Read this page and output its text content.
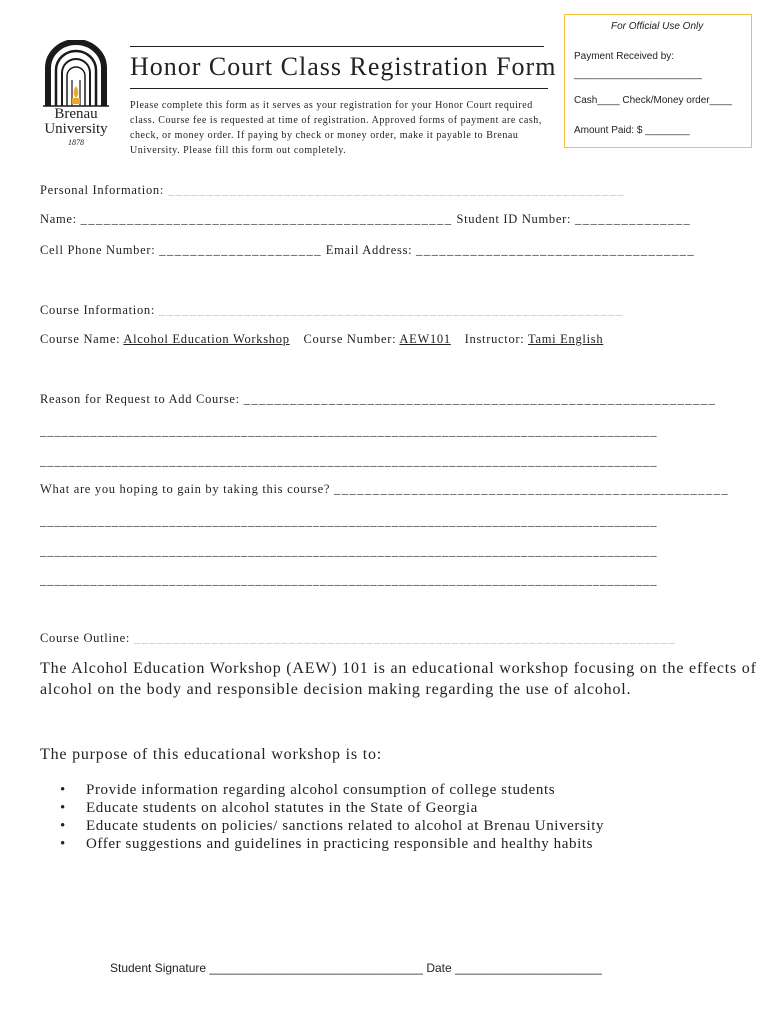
For Official Use Only
Payment Received by:
_______________________
Cash____ Check/Money order____
Amount Paid: $ ________
Brenau
University
1878
Honor Court Class Registration Form
Please complete this form as it serves as your registration for your Honor Court required class. Course fee is requested at time of registration. Approved forms of payment are cash, check, or money order. If paying by check or money order, make it payable to Brenau University. Please fill this form out completely.
Personal Information: ___________________________________________________________
Name: ________________________________________________ Student ID Number: _______________
Cell Phone Number: _____________________ Email Address: ____________________________________
Course Information: ____________________________________________________________
Course Name: Alcohol Education Workshop Course Number: AEW101 Instructor: Tami English
Reason for Request to Add Course: _____________________________________________________________
______________________________________________________________________________________
______________________________________________________________________________________
What are you hoping to gain by taking this course? ___________________________________________________
______________________________________________________________________________________
______________________________________________________________________________________
______________________________________________________________________________________
Course Outline: ______________________________________________________________________
The Alcohol Education Workshop (AEW) 101 is an educational workshop focusing on the effects of
alcohol on the body and responsible decision making regarding the use of alcohol.
The purpose of this educational workshop is to:
• Provide information regarding alcohol consumption of college students
• Educate students on alcohol statutes in the State of Georgia
• Educate students on policies/ sanctions related to alcohol at Brenau University
• Offer suggestions and guidelines in practicing responsible and healthy habits
Student Signature ________________________________ Date ______________________
